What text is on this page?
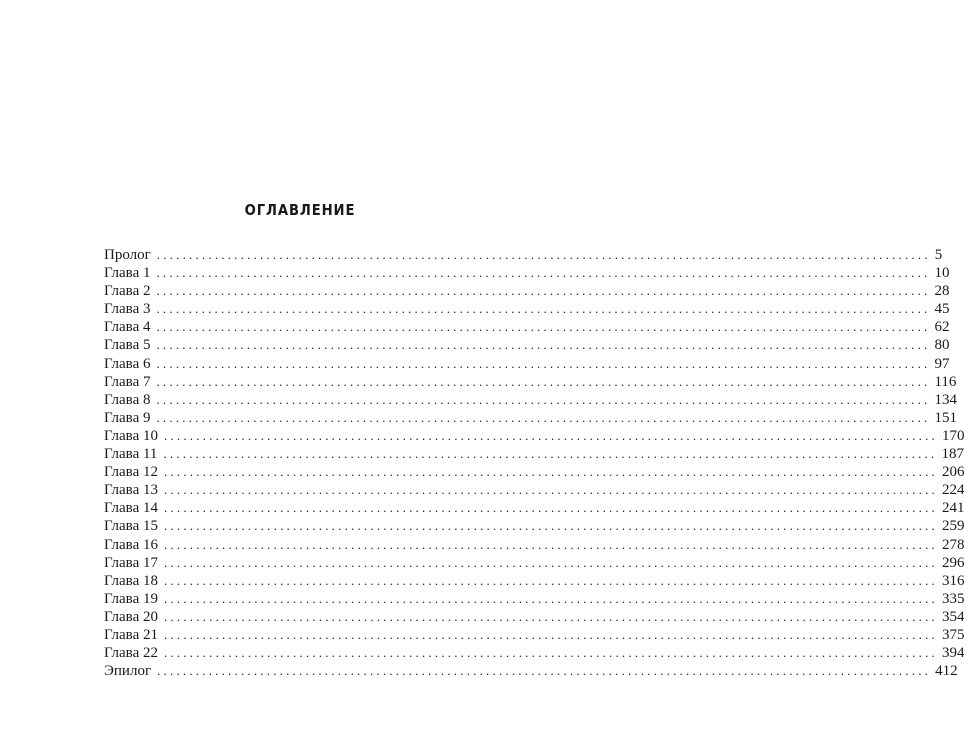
ОГЛАВЛЕНИЕ
Пролог ........................................................................................................................ 5
Глава 1 ........................................................................................................................ 10
Глава 2 ........................................................................................................................ 28
Глава 3 ........................................................................................................................ 45
Глава 4 ........................................................................................................................ 62
Глава 5 ........................................................................................................................ 80
Глава 6 ........................................................................................................................ 97
Глава 7 ........................................................................................................................ 116
Глава 8 ........................................................................................................................ 134
Глава 9 ........................................................................................................................ 151
Глава 10 ........................................................................................................................ 170
Глава 11 ........................................................................................................................ 187
Глава 12 ........................................................................................................................ 206
Глава 13 ........................................................................................................................ 224
Глава 14 ........................................................................................................................ 241
Глава 15 ........................................................................................................................ 259
Глава 16 ........................................................................................................................ 278
Глава 17 ........................................................................................................................ 296
Глава 18 ........................................................................................................................ 316
Глава 19 ........................................................................................................................ 335
Глава 20 ........................................................................................................................ 354
Глава 21 ........................................................................................................................ 375
Глава 22 ........................................................................................................................ 394
Эпилог ........................................................................................................................ 412
